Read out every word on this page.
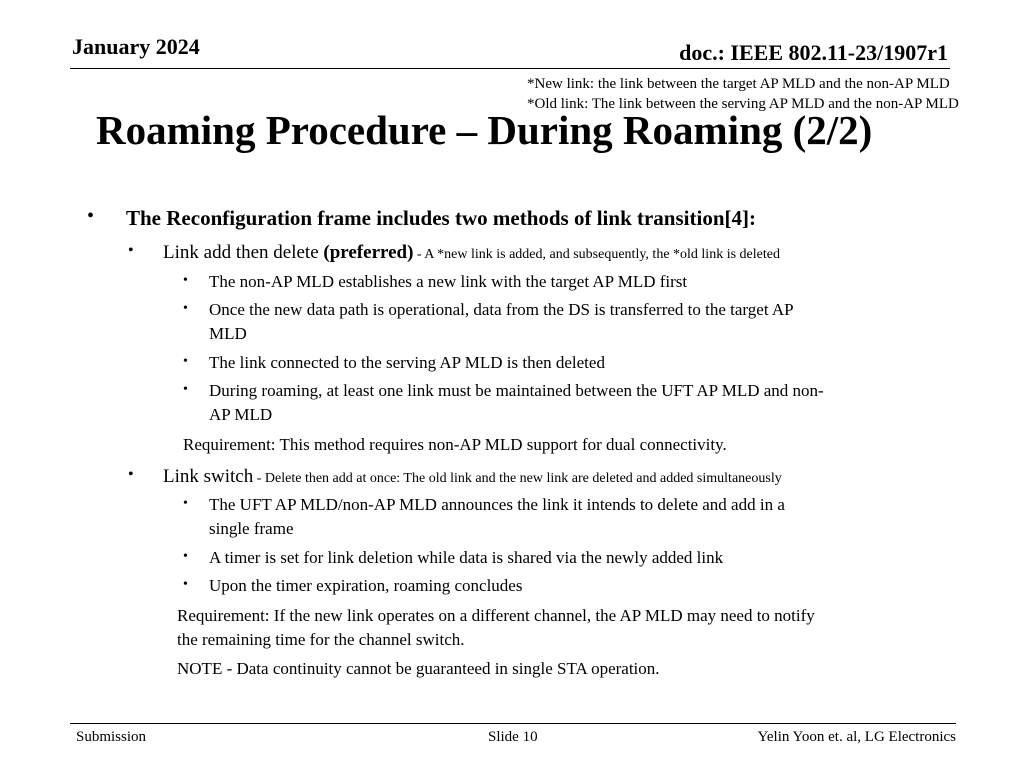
January 2024	doc.: IEEE 802.11-23/1907r1
*New link: the link between the target AP MLD and the non-AP MLD
*Old link: The link between the serving AP MLD and the non-AP MLD
Roaming Procedure – During Roaming (2/2)
• The Reconfiguration frame includes two methods of link transition[4]:
• Link add then delete (preferred) - A *new link is added, and subsequently, the *old link is deleted
• The non-AP MLD establishes a new link with the target AP MLD first
• Once the new data path is operational, data from the DS is transferred to the target AP
MLD
• The link connected to the serving AP MLD is then deleted
• During roaming, at least one link must be maintained between the UFT AP MLD and non-
AP MLD
Requirement: This method requires non-AP MLD support for dual connectivity.
• Link switch - Delete then add at once: The old link and the new link are deleted and added simultaneously
• The UFT AP MLD/non-AP MLD announces the link it intends to delete and add in a
single frame
• A timer is set for link deletion while data is shared via the newly added link
• Upon the timer expiration, roaming concludes
Requirement: If the new link operates on a different channel, the AP MLD may need to notify
the remaining time for the channel switch.
NOTE - Data continuity cannot be guaranteed in single STA operation.
Submission	Slide 10	Yelin Yoon et. al, LG Electronics
